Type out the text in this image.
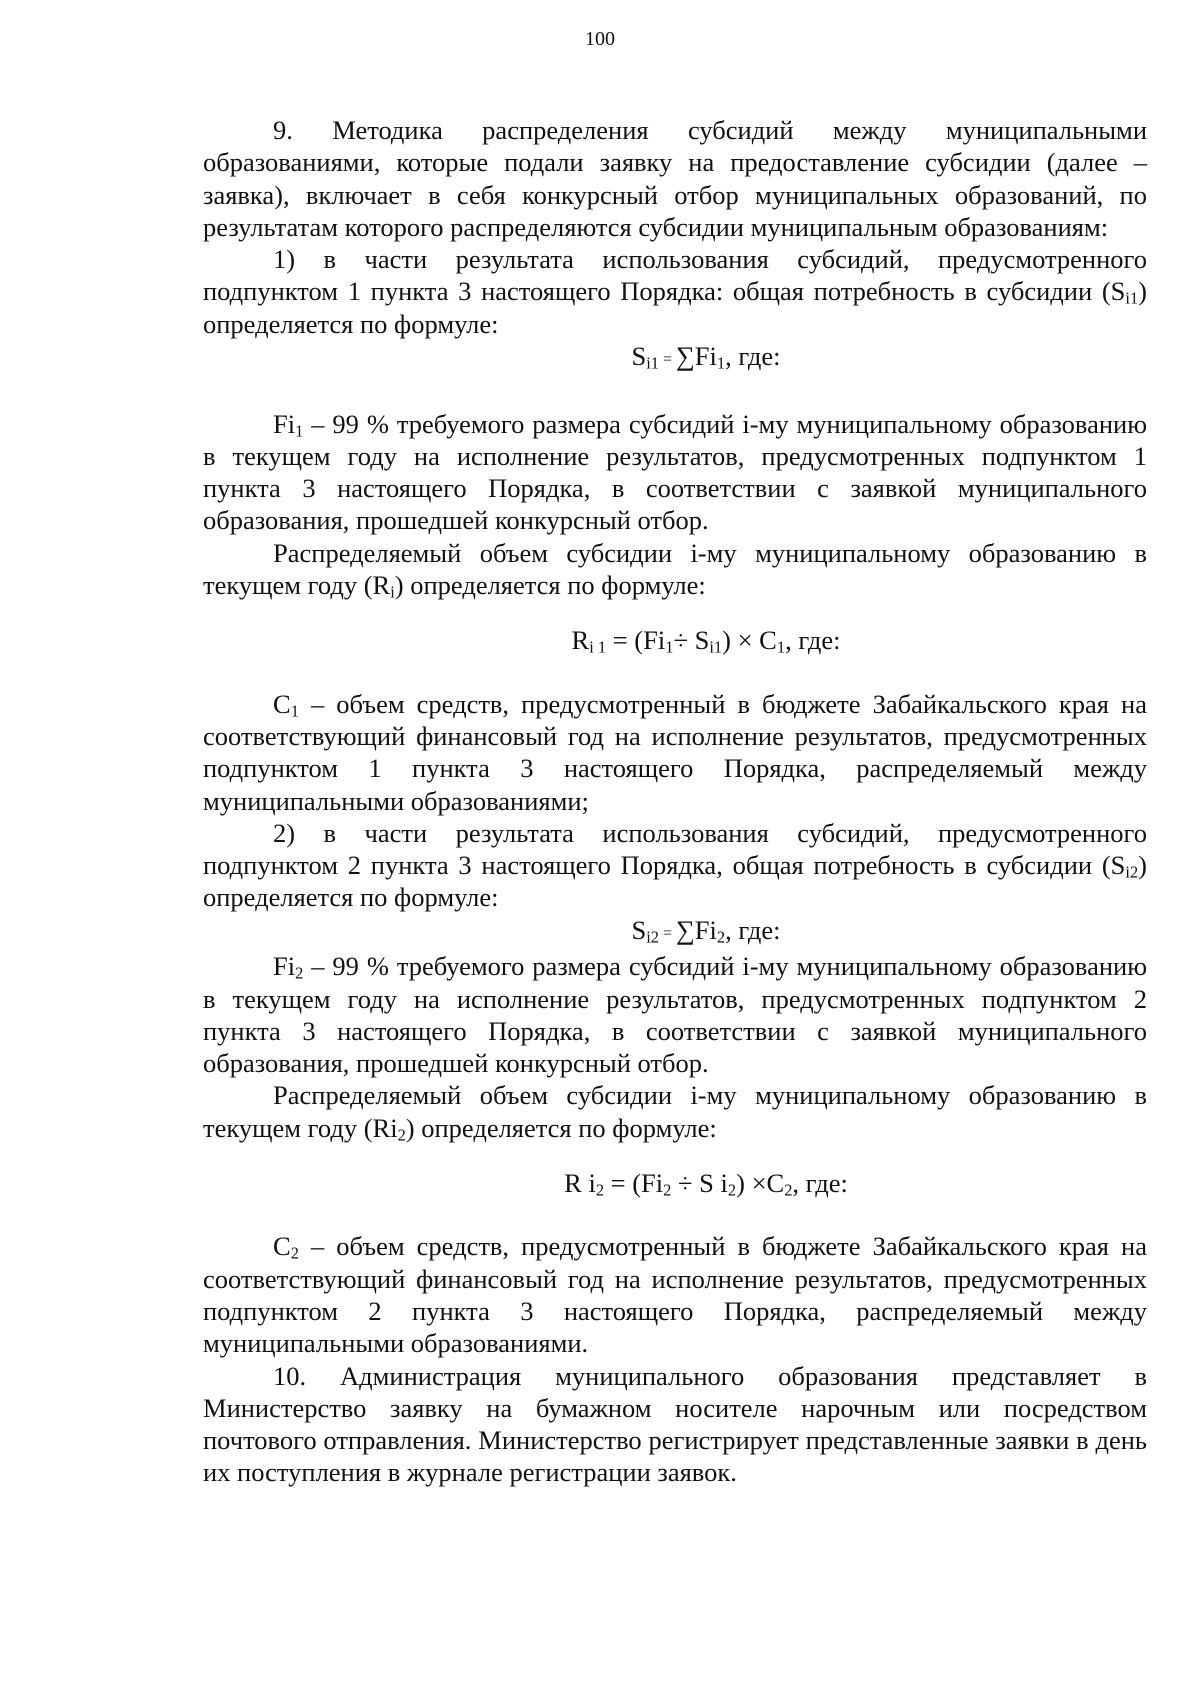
100

9. Методика распределения субсидий между муниципальными образованиями, которые подали заявку на предоставление субсидии (далее – заявка), включает в себя конкурсный отбор муниципальных образований, по результатам которого распределяются субсидии муниципальным образованиям:

1) в части результата использования субсидий, предусмотренного подпунктом 1 пункта 3 настоящего Порядка: общая потребность в субсидии $(S_{i1})$ определяется по формуле:

$S_{i1} = \sum Fi_1$, где:

$Fi_1 - 99$ % требуемого размера субсидий i-му муниципальному образованию в текущем году на исполнение результатов, предусмотренных подпунктом 1 пункта 3 настоящего Порядка, в соответствии с заявкой муниципального образования, прошедшей конкурсный отбор.

Распределяемый объем субсидии i-му муниципальному образованию в текущем году $(R_i)$ определяется по формуле:

$R_{i 1} = (Fi_1\div S_{i1}) \times C_1$, где:

$C_1$ – объем средств, предусмотренный в бюджете Забайкальского края на соответствующий финансовый год на исполнение результатов, предусмотренных подпунктом 1 пункта 3 настоящего Порядка, распределяемый между муниципальными образованиями;

2) в части результата использования субсидий, предусмотренного подпунктом 2 пункта 3 настоящего Порядка, общая потребность в субсидии $(S_{i2})$ определяется по формуле:

$S_{i2} = \sum Fi_2$, где:

$Fi_2 - 99$ % требуемого размера субсидий i-му муниципальному образованию в текущем году на исполнение результатов, предусмотренных подпунктом 2 пункта 3 настоящего Порядка, в соответствии с заявкой муниципального образования, прошедшей конкурсный отбор.

Распределяемый объем субсидии i-му муниципальному образованию в текущем году $(Ri_2)$ определяется по формуле:

R $i_2 = (Fi_2 \div S$ $i_2) \times C_2$, где:

$C_2$ – объем средств, предусмотренный в бюджете Забайкальского края на соответствующий финансовый год на исполнение результатов, предусмотренных подпунктом 2 пункта 3 настоящего Порядка, распределяемый между муниципальными образованиями.

10. Администрация муниципального образования представляет в Министерство заявку на бумажном носителе нарочным или посредством почтового отправления. Министерство регистрирует представленные заявки в день их поступления в журнале регистрации заявок.
